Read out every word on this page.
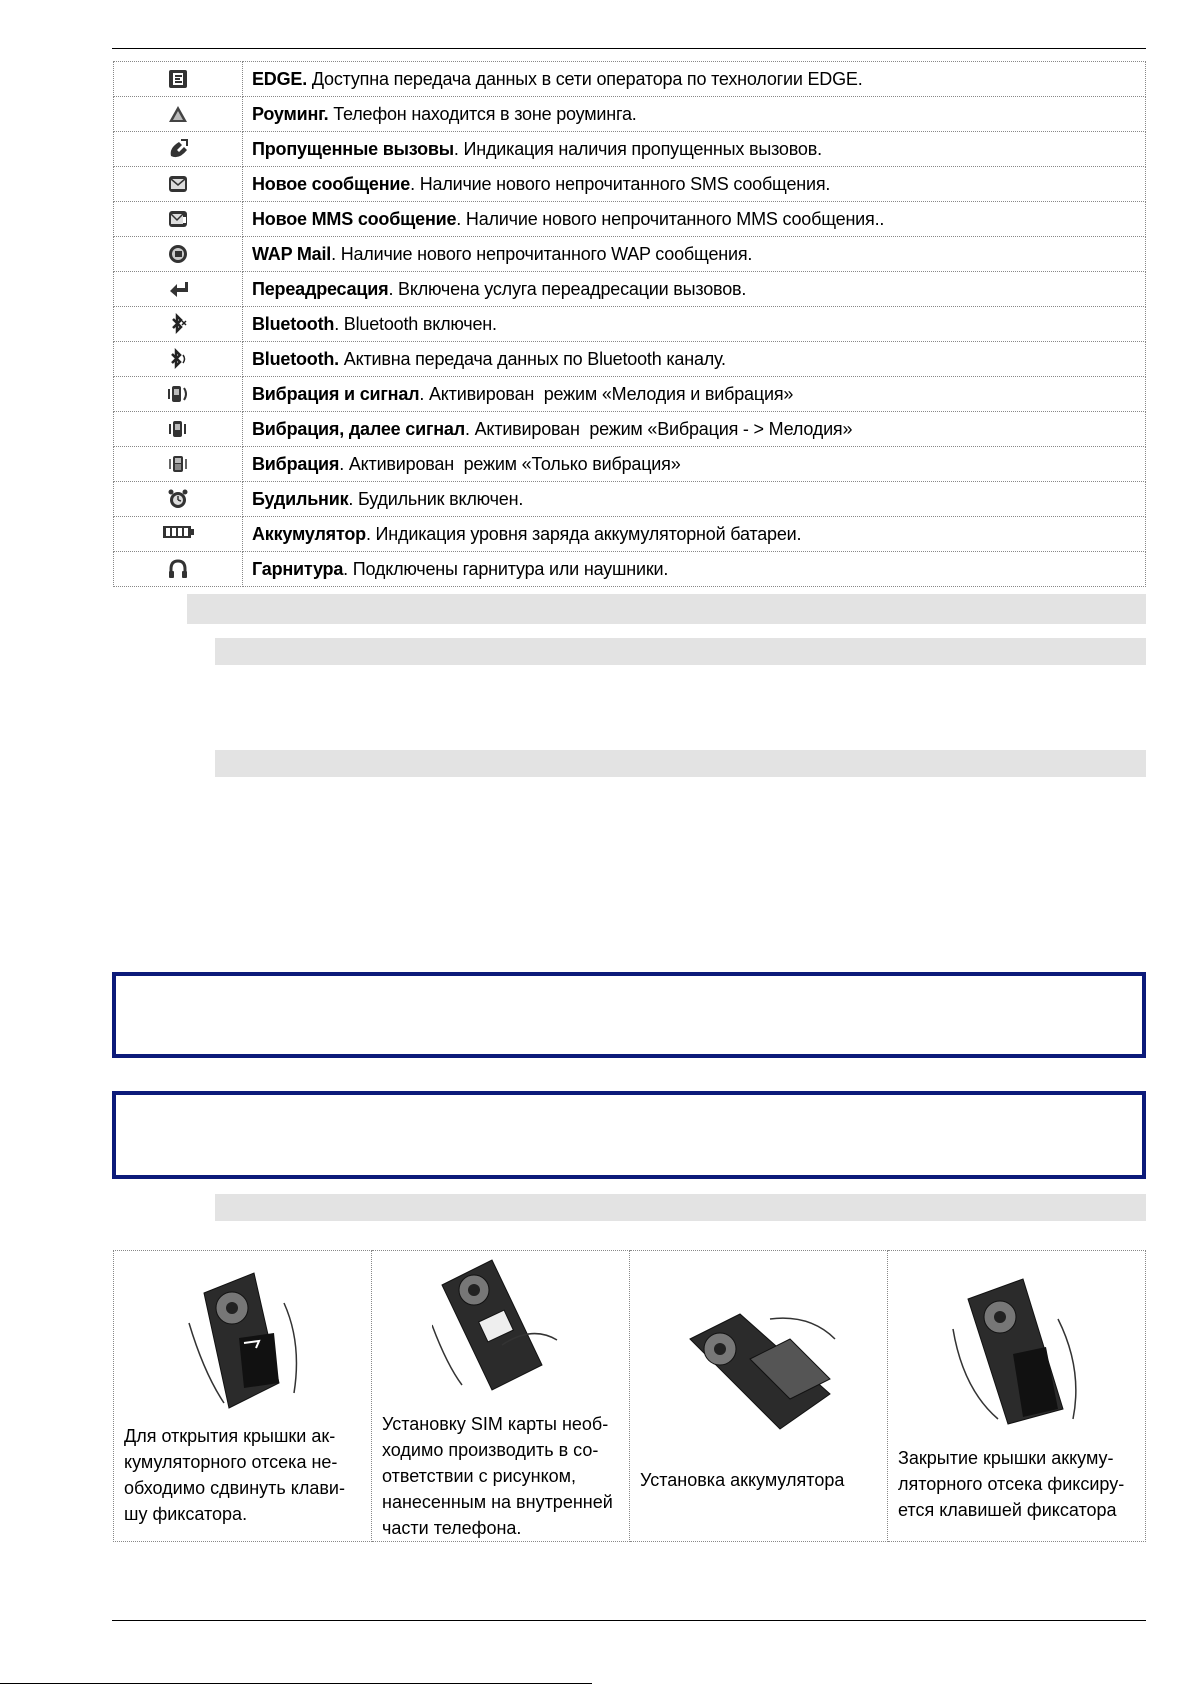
	EDGE. Доступна передача данных в сети оператора по технологии EDGE.
	Роуминг. Телефон находится в зоне роуминга.
	Пропущенные вызовы. Индикация наличия пропущенных вызовов.
	Новое сообщение. Наличие нового непрочитанного SMS сообщения.
	Новое MMS сообщение. Наличие нового непрочитанного MMS сообщения..
	WAP Mail. Наличие нового непрочитанного WAP сообщения.
	Переадресация. Включена услуга переадресации вызовов.
	Bluetooth. Bluetooth включен.
	Bluetooth. Активна передача данных по Bluetooth каналу.
	Вибрация и сигнал. Активирован  режим «Мелодия и вибрация»
	Вибрация, далее сигнал. Активирован  режим «Вибрация - > Мелодия»
	Вибрация. Активирован  режим «Только вибрация»
	Будильник. Будильник включен.
	Аккумулятор. Индикация уровня заряда аккумуляторной батареи.
	Гарнитура. Подключены гарнитура или наушники.
Для открытия крышки ак-
кумуляторного отсека не-
обходимо сдвинуть клави-
шу фиксатора.

Установку SIM карты необ-
ходимо производить в со-
ответствии с рисунком,
нанесенным на внутренней
части телефона.

Установка аккумулятора

Закрытие крышки аккуму-
ляторного отсека фиксиру-
ется клавишей фиксатора
